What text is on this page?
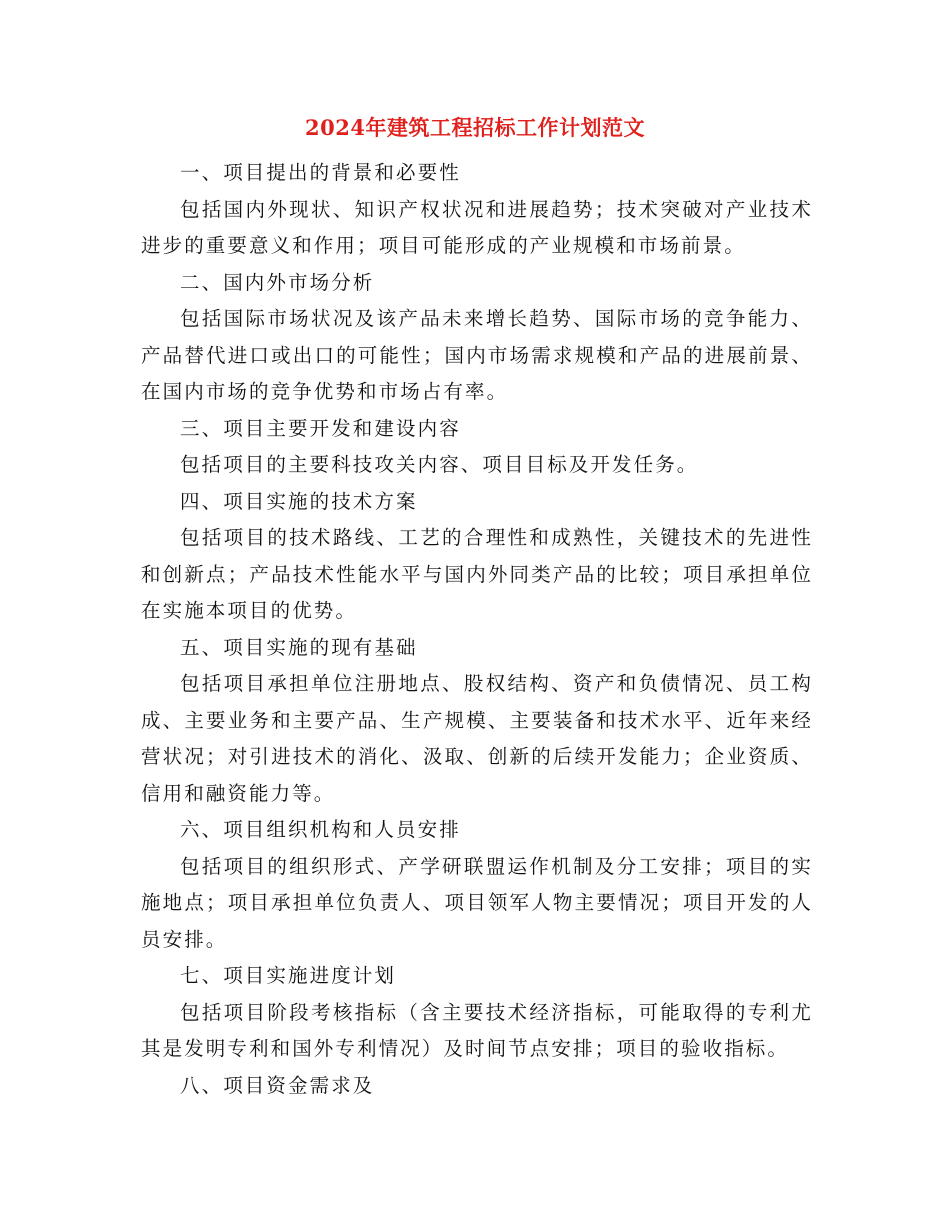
2024年建筑工程招标工作计划范文

一、项目提出的背景和必要性

包括国内外现状、知识产权状况和进展趋势；技术突破对产业技术进步的重要意义和作用；项目可能形成的产业规模和市场前景。

二、国内外市场分析

包括国际市场状况及该产品未来增长趋势、国际市场的竞争能力、产品替代进口或出口的可能性；国内市场需求规模和产品的进展前景、在国内市场的竞争优势和市场占有率。

三、项目主要开发和建设内容

包括项目的主要科技攻关内容、项目目标及开发任务。

四、项目实施的技术方案

包括项目的技术路线、工艺的合理性和成熟性，关键技术的先进性和创新点；产品技术性能水平与国内外同类产品的比较；项目承担单位在实施本项目的优势。

五、项目实施的现有基础

包括项目承担单位注册地点、股权结构、资产和负债情况、员工构成、主要业务和主要产品、生产规模、主要装备和技术水平、近年来经营状况；对引进技术的消化、汲取、创新的后续开发能力；企业资质、信用和融资能力等。

六、项目组织机构和人员安排

包括项目的组织形式、产学研联盟运作机制及分工安排；项目的实施地点；项目承担单位负责人、项目领军人物主要情况；项目开发的人员安排。

七、项目实施进度计划

包括项目阶段考核指标（含主要技术经济指标，可能取得的专利尤其是发明专利和国外专利情况）及时间节点安排；项目的验收指标。

八、项目资金需求及
